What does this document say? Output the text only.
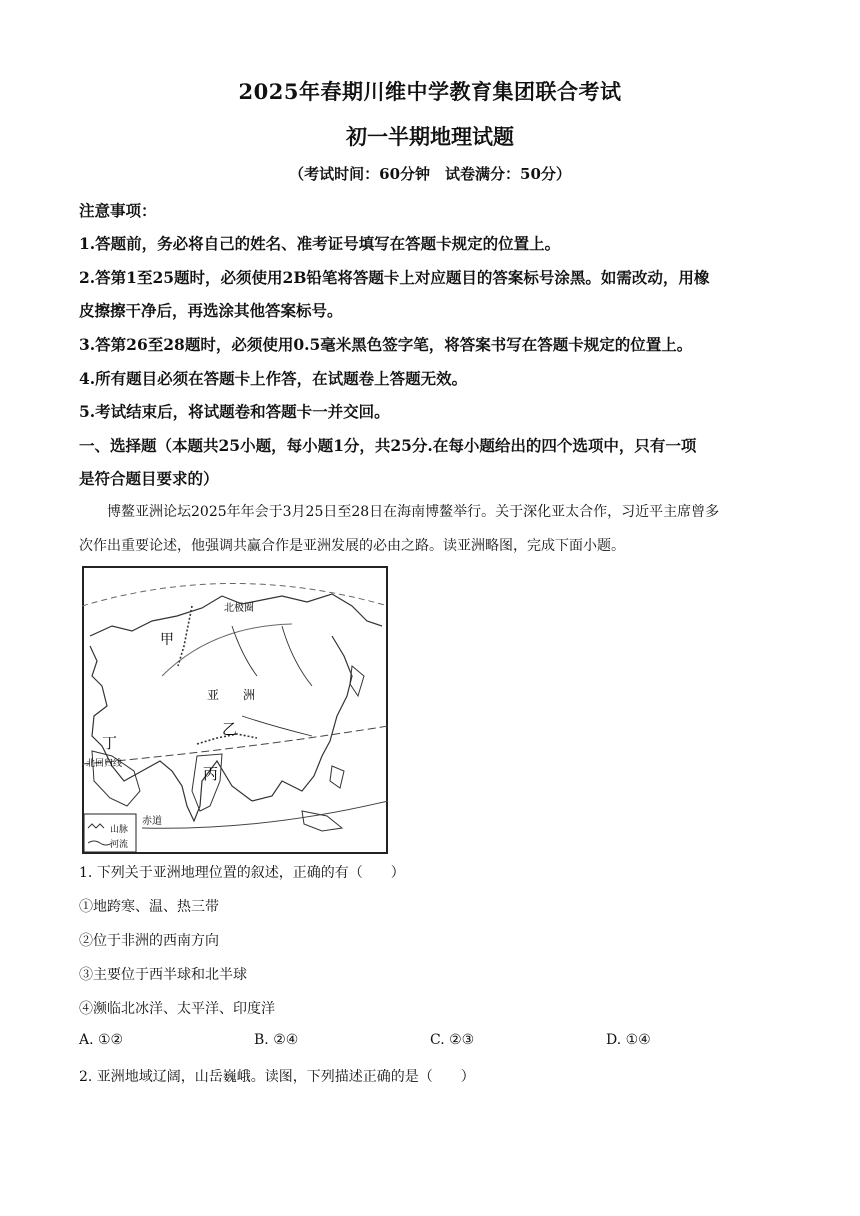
2025年春期川维中学教育集团联合考试
初一半期地理试题
（考试时间：60分钟　试卷满分：50分）
注意事项：
1.答题前，务必将自己的姓名、准考证号填写在答题卡规定的位置上。
2.答第1至25题时，必须使用2B铅笔将答题卡上对应题目的答案标号涂黑。如需改动，用橡
皮擦擦干净后，再选涂其他答案标号。
3.答第26至28题时，必须使用0.5毫米黑色签字笔，将答案书写在答题卡规定的位置上。
4.所有题目必须在答题卡上作答，在试题卷上答题无效。
5.考试结束后，将试题卷和答题卡一并交回。
一、选择题（本题共25小题，每小题1分，共25分.在每小题给出的四个选项中，只有一项
是符合题目要求的）
　　博鳌亚洲论坛2025年年会于3月25日至28日在海南博鳌举行。关于深化亚太合作，习近平主席曾多
次作出重要论述，他强调共赢合作是亚洲发展的必由之路。读亚洲略图，完成下面小题。
北极圈
甲
亚　　洲
乙
丁
北回归线
丙
赤道
山脉
河流
1. 下列关于亚洲地理位置的叙述，正确的有（　　）
①地跨寒、温、热三带
②位于非洲的西南方向
③主要位于西半球和北半球
④濒临北冰洋、太平洋、印度洋
A. ①②	B. ②④	C. ②③	D. ①④
2. 亚洲地域辽阔，山岳巍峨。读图，下列描述正确的是（　　）
